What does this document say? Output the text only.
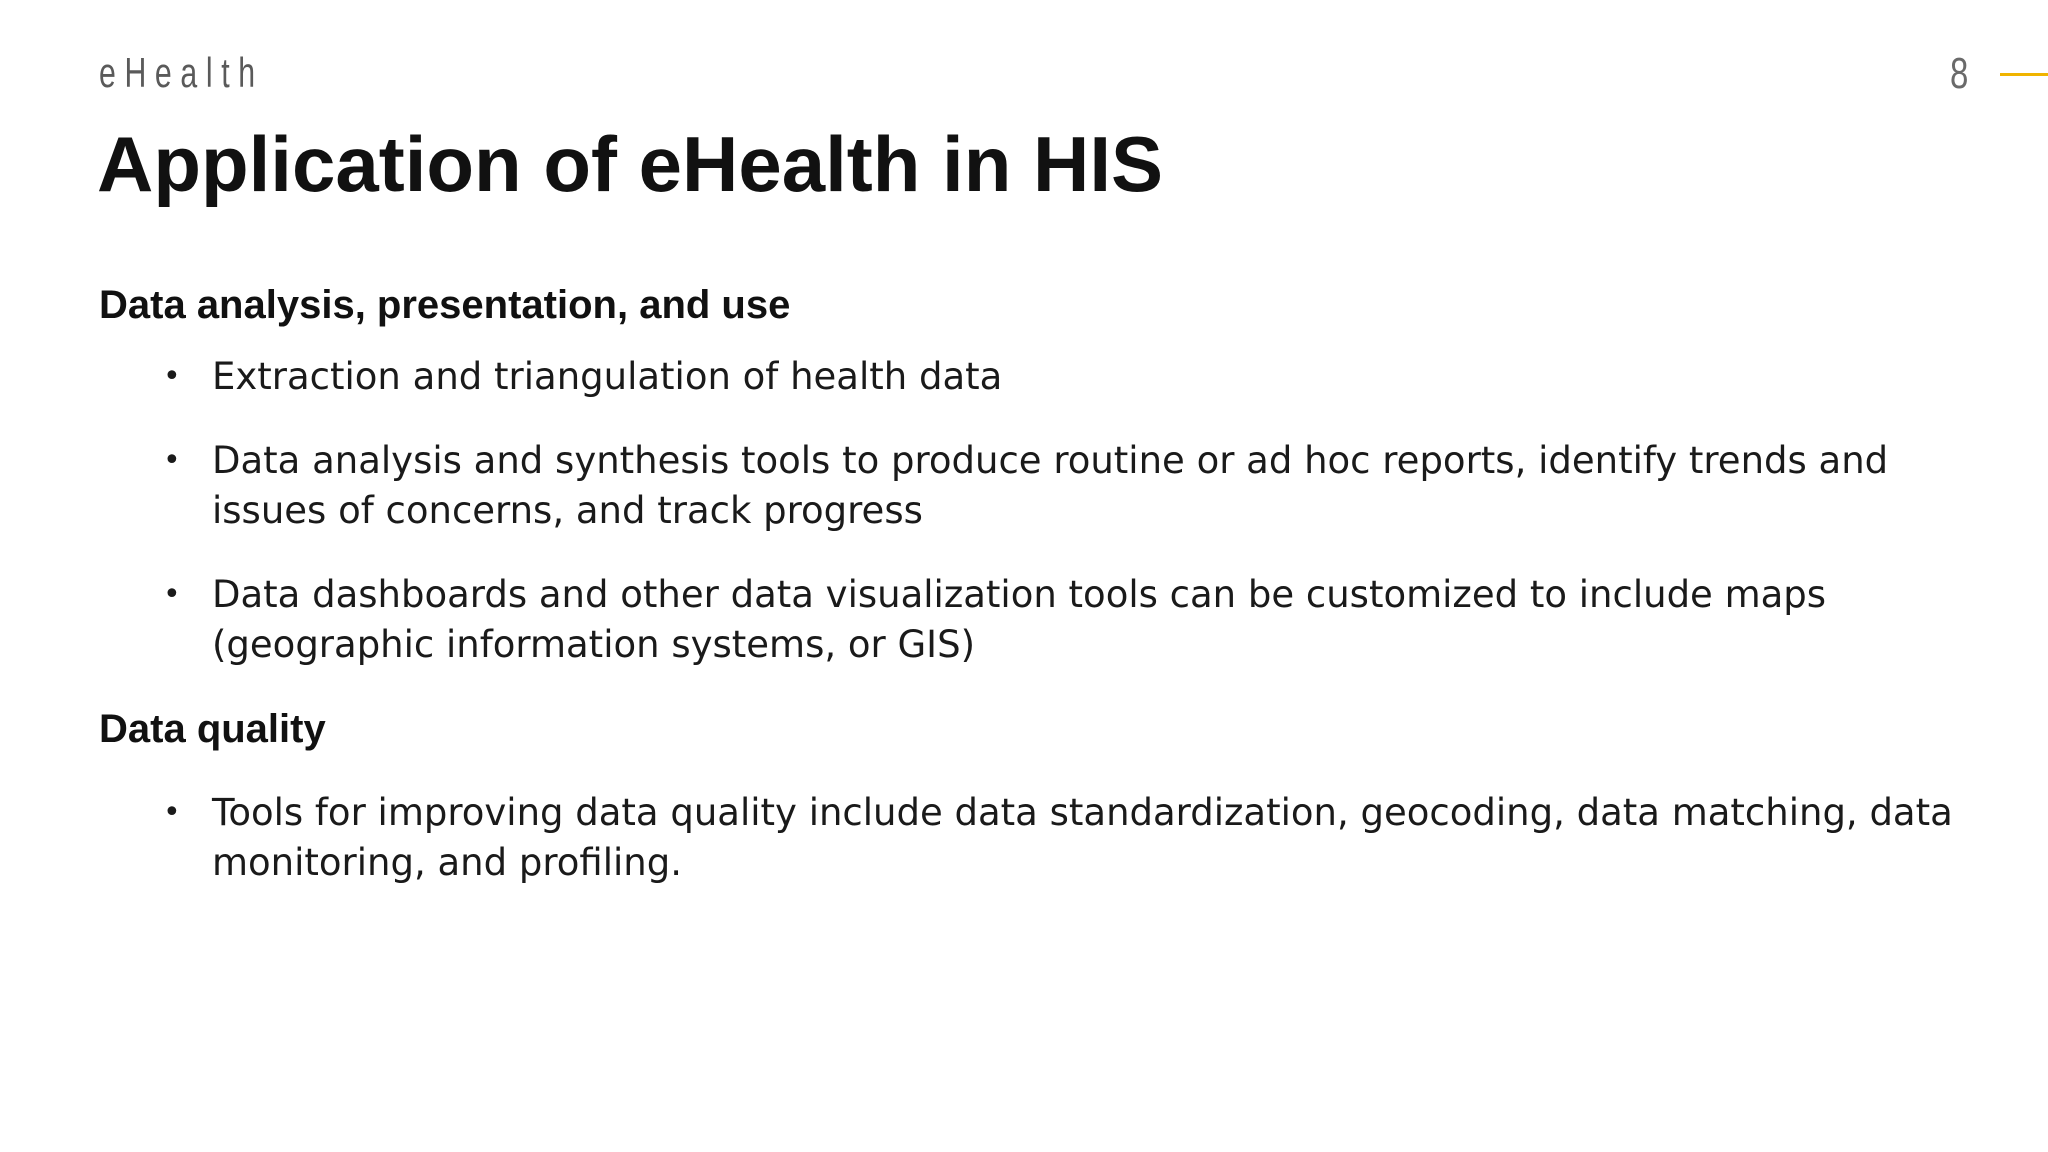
eHealth	8
Application of eHealth in HIS
Data analysis, presentation, and use
• Extraction and triangulation of health data
• Data analysis and synthesis tools to produce routine or ad hoc reports, identify trends and issues of concerns, and track progress
• Data dashboards and other data visualization tools can be customized to include maps (geographic information systems, or GIS)
Data quality
• Tools for improving data quality include data standardization, geocoding, data matching, data monitoring, and profiling.
